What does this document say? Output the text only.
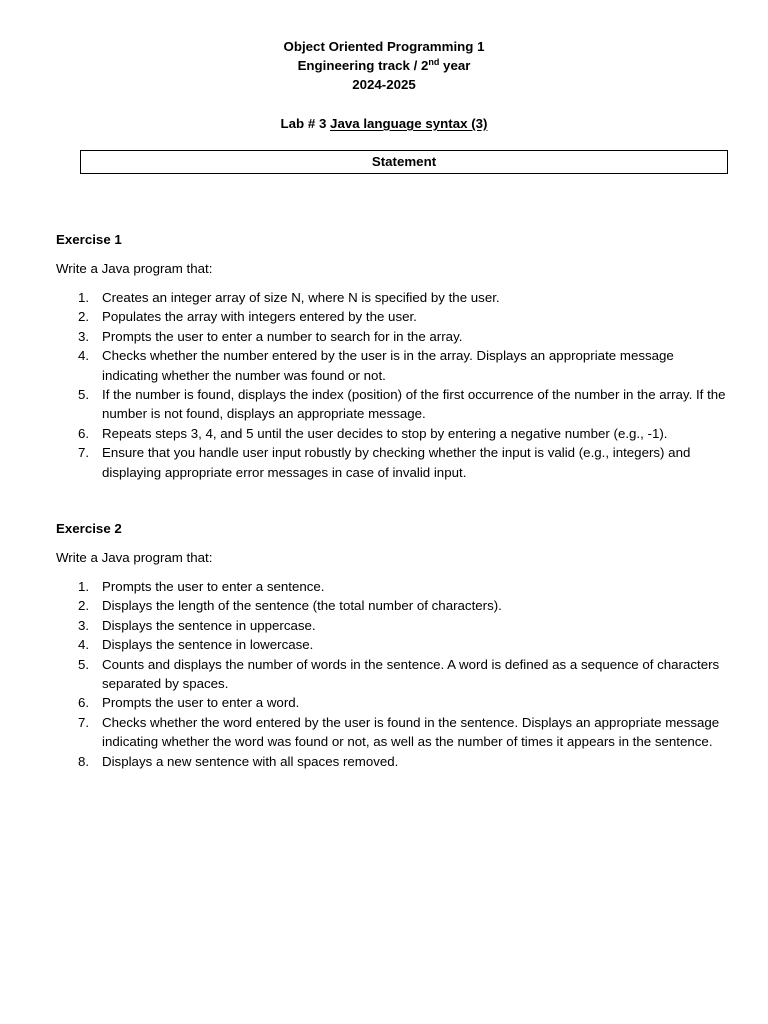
Object Oriented Programming 1
Engineering track / 2nd year
2024-2025
Lab # 3 Java language syntax (3)
Statement
Exercise 1
Write a Java program that:
1. Creates an integer array of size N, where N is specified by the user.
2. Populates the array with integers entered by the user.
3. Prompts the user to enter a number to search for in the array.
4. Checks whether the number entered by the user is in the array. Displays an appropriate message indicating whether the number was found or not.
5. If the number is found, displays the index (position) of the first occurrence of the number in the array. If the number is not found, displays an appropriate message.
6. Repeats steps 3, 4, and 5 until the user decides to stop by entering a negative number (e.g., -1).
7. Ensure that you handle user input robustly by checking whether the input is valid (e.g., integers) and displaying appropriate error messages in case of invalid input.
Exercise 2
Write a Java program that:
1. Prompts the user to enter a sentence.
2. Displays the length of the sentence (the total number of characters).
3. Displays the sentence in uppercase.
4. Displays the sentence in lowercase.
5. Counts and displays the number of words in the sentence. A word is defined as a sequence of characters separated by spaces.
6. Prompts the user to enter a word.
7. Checks whether the word entered by the user is found in the sentence. Displays an appropriate message indicating whether the word was found or not, as well as the number of times it appears in the sentence.
8. Displays a new sentence with all spaces removed.
